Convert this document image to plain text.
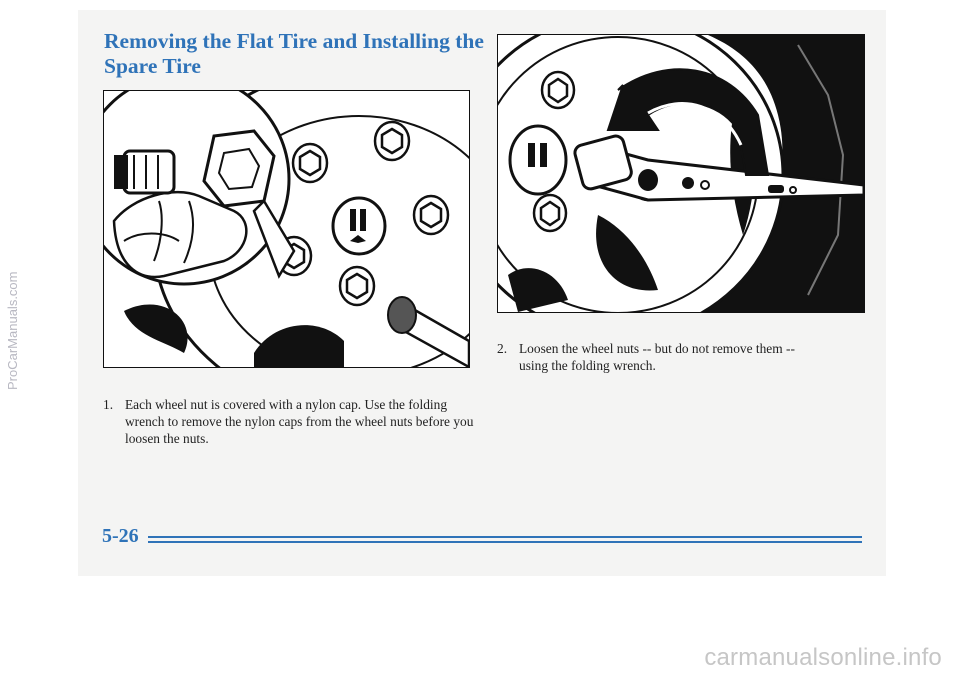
Removing the Flat Tire and Installing the Spare Tire

1. Each wheel nut is covered with a nylon cap. Use the folding wrench to remove the nylon caps from the wheel nuts before you loosen the nuts.

2. Loosen the wheel nuts -- but do not remove them -- using the folding wrench.

5-26
ProCarManuals.com
carmanualsonline.info
